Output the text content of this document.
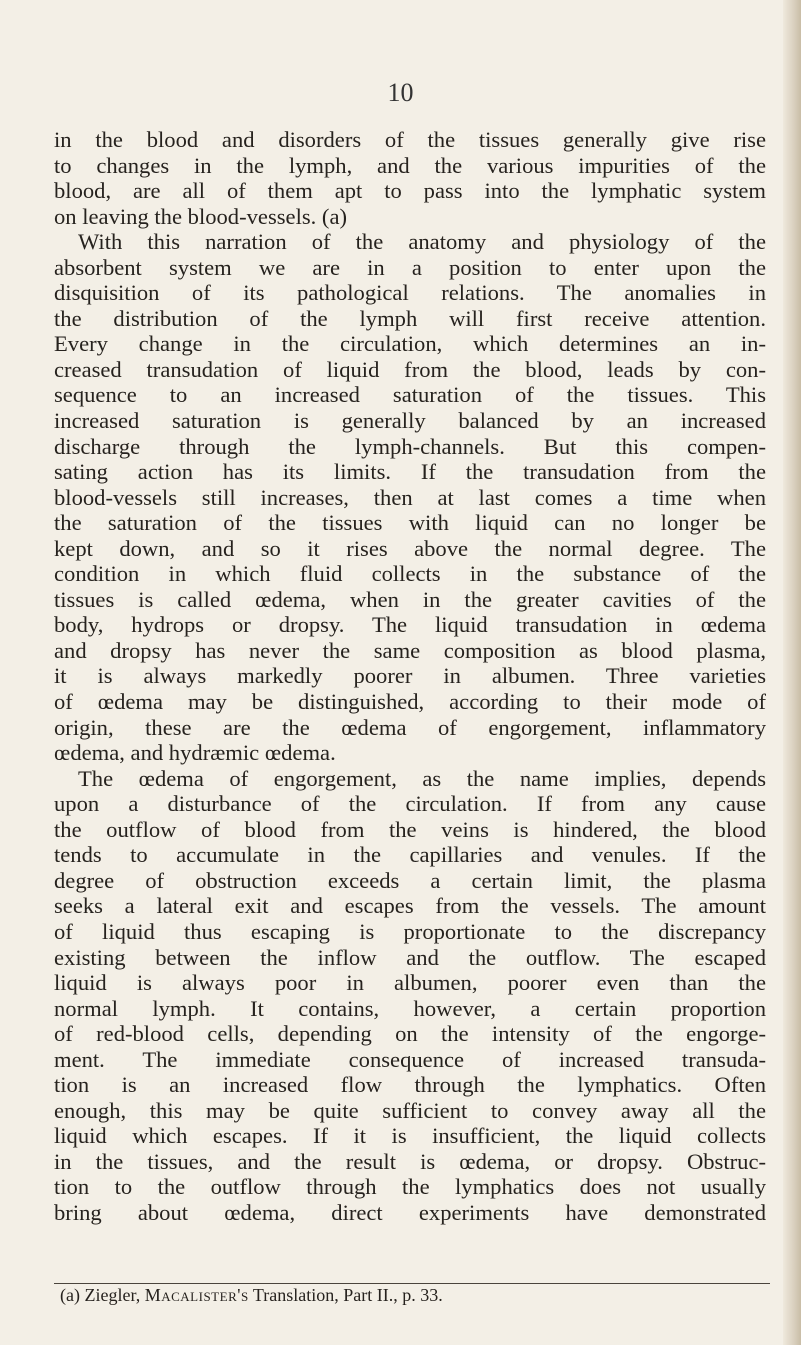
10
in the blood and disorders of the tissues generally give rise
to changes in the lymph, and the various impurities of the
blood, are all of them apt to pass into the lymphatic system
on leaving the blood-vessels. (a)
With this narration of the anatomy and physiology of the
absorbent system we are in a position to enter upon the
disquisition of its pathological relations. The anomalies in
the distribution of the lymph will first receive attention.
Every change in the circulation, which determines an in-
creased transudation of liquid from the blood, leads by con-
sequence to an increased saturation of the tissues. This
increased saturation is generally balanced by an increased
discharge through the lymph-channels. But this compen-
sating action has its limits. If the transudation from the
blood-vessels still increases, then at last comes a time when
the saturation of the tissues with liquid can no longer be
kept down, and so it rises above the normal degree. The
condition in which fluid collects in the substance of the
tissues is called œdema, when in the greater cavities of the
body, hydrops or dropsy. The liquid transudation in œdema
and dropsy has never the same composition as blood plasma,
it is always markedly poorer in albumen. Three varieties
of œdema may be distinguished, according to their mode of
origin, these are the œdema of engorgement, inflammatory
œdema, and hydræmic œdema.
The œdema of engorgement, as the name implies, depends
upon a disturbance of the circulation. If from any cause
the outflow of blood from the veins is hindered, the blood
tends to accumulate in the capillaries and venules. If the
degree of obstruction exceeds a certain limit, the plasma
seeks a lateral exit and escapes from the vessels. The amount
of liquid thus escaping is proportionate to the discrepancy
existing between the inflow and the outflow. The escaped
liquid is always poor in albumen, poorer even than the
normal lymph. It contains, however, a certain proportion
of red-blood cells, depending on the intensity of the engorge-
ment. The immediate consequence of increased transuda-
tion is an increased flow through the lymphatics. Often
enough, this may be quite sufficient to convey away all the
liquid which escapes. If it is insufficient, the liquid collects
in the tissues, and the result is œdema, or dropsy. Obstruc-
tion to the outflow through the lymphatics does not usually
bring about œdema, direct experiments have demonstrated
(a) Ziegler, Macalister's Translation, Part II., p. 33.
